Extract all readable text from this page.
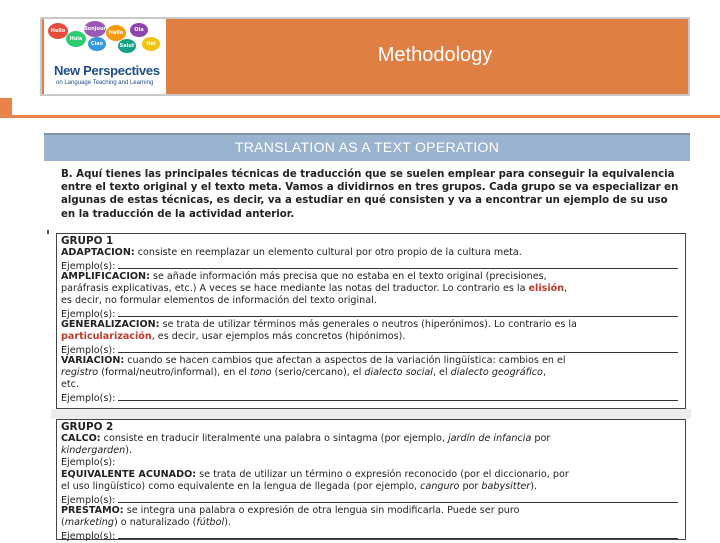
Hello
Hola
Bonjour
Ciao
Hallo
Salut
Ola
Hei
New Perspectives
on Language Teaching and Learning
Methodology
TRANSLATION AS A TEXT OPERATION
B. Aquí tienes las principales técnicas de traducción que se suelen emplear para conseguir la equivalencia entre el texto original y el texto meta. Vamos a dividirnos en tres grupos. Cada grupo se va especializar en algunas de estas técnicas, es decir, va a estudiar en qué consisten y va a encontrar un ejemplo de su uso en la traducción de la actividad anterior.
GRUPO 1
ADAPTACIÓN: consiste en reemplazar un elemento cultural por otro propio de la cultura meta.
Ejemplo(s):
AMPLIFICACIÓN: se añade información más precisa que no estaba en el texto original (precisiones,
paráfrasis explicativas, etc.) A veces se hace mediante las notas del traductor. Lo contrario es la elisión,
es decir, no formular elementos de información del texto original.
Ejemplo(s):
GENERALIZACIÓN: se trata de utilizar términos más generales o neutros (hiperónimos). Lo contrario es la
particularización, es decir, usar ejemplos más concretos (hipónimos).
Ejemplo(s):
VARIACIÓN: cuando se hacen cambios que afectan a aspectos de la variación lingüística: cambios en el
registro (formal/neutro/informal), en el tono (serio/cercano), el dialecto social, el dialecto geográfico,
etc.
Ejemplo(s):
GRUPO 2
CALCO: consiste en traducir literalmente una palabra o sintagma (por ejemplo, jardín de infancia por
kindergarden).
Ejemplo(s):
EQUIVALENTE ACUÑADO: se trata de utilizar un término o expresión reconocido (por el diccionario, por
el uso lingüístico) como equivalente en la lengua de llegada (por ejemplo, canguro por babysitter).
Ejemplo(s):
PRÉSTAMO: se integra una palabra o expresión de otra lengua sin modificarla. Puede ser puro
(marketing) o naturalizado (fútbol).
Ejemplo(s):
